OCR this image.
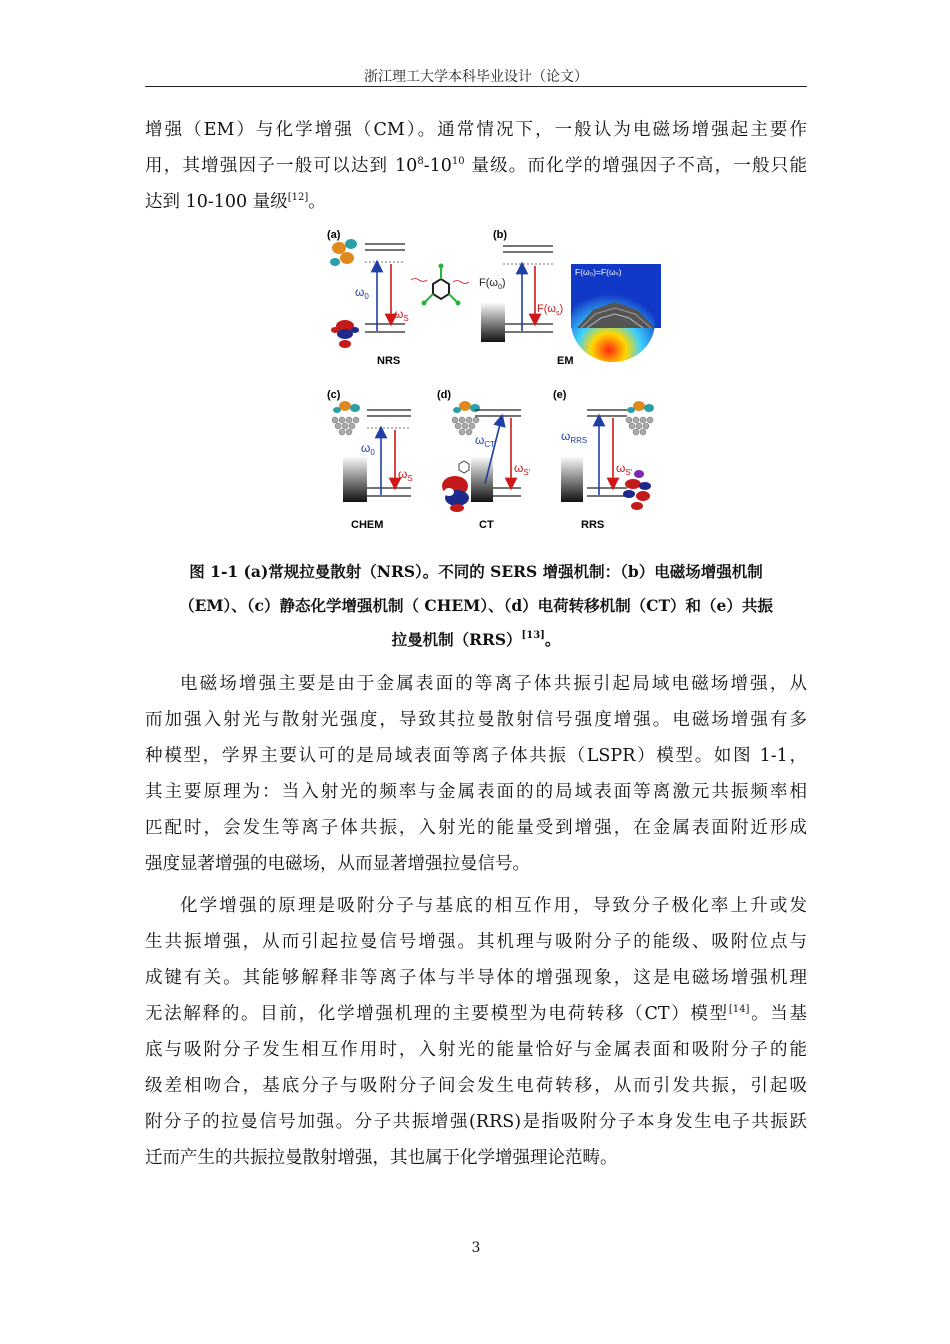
浙江理工大学本科毕业设计（论文）

增强（EM）与化学增强（CM）。通常情况下，一般认为电磁场增强起主要作
用，其增强因子一般可以达到 $10^8-10^{10}$ 量级。而化学的增强因子不高，一般只能
达到 10-100 量级[12]。

(a)
$\omega_0$
$\omega_S$
NRS
(b)
$F(\omega_0)$
$F(\omega_s)$
F(ω₀)=F(ωₛ)
EM
(c)
$\omega_0$
$\omega_S$
CHEM
(d)
$\omega_{CT}$
$\omega_{S'}$
CT
(e)
$\omega_{RRS}$
$\omega_{S'}$
RRS
图 1-1 (a)常规拉曼散射（NRS）。不同的 SERS 增强机制：（b）电磁场增强机制
（EM）、（c）静态化学增强机制（ CHEM）、（d）电荷转移机制（CT）和（e）共振
拉曼机制（RRS）[13]。

电磁场增强主要是由于金属表面的等离子体共振引起局域电磁场增强，从
而加强入射光与散射光强度，导致其拉曼散射信号强度增强。电磁场增强有多
种模型，学界主要认可的是局域表面等离子体共振（LSPR）模型。如图 1-1，
其主要原理为：当入射光的频率与金属表面的的局域表面等离激元共振频率相
匹配时，会发生等离子体共振，入射光的能量受到增强，在金属表面附近形成
强度显著增强的电磁场，从而显著增强拉曼信号。

化学增强的原理是吸附分子与基底的相互作用，导致分子极化率上升或发
生共振增强，从而引起拉曼信号增强。其机理与吸附分子的能级、吸附位点与
成键有关。其能够解释非等离子体与半导体的增强现象，这是电磁场增强机理
无法解释的。目前，化学增强机理的主要模型为电荷转移（CT）模型[14]。当基
底与吸附分子发生相互作用时，入射光的能量恰好与金属表面和吸附分子的能
级差相吻合，基底分子与吸附分子间会发生电荷转移，从而引发共振，引起吸
附分子的拉曼信号加强。分子共振增强(RRS)是指吸附分子本身发生电子共振跃
迁而产生的共振拉曼散射增强，其也属于化学增强理论范畴。

3
